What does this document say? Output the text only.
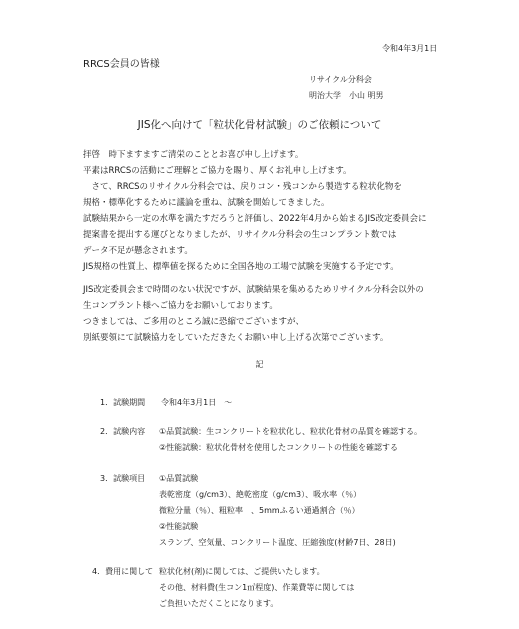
令和4年3月1日
RRCS会員の皆様
リサイクル分科会
明治大学　小山 明男
JIS化へ向けて「粒状化骨材試験」のご依頼について
拝啓　時下ますますご清栄のこととお喜び申し上げます。
平素はRRCSの活動にご理解とご協力を賜り、厚くお礼申し上げます。
　さて、RRCSのリサイクル分科会では、戻りコン・残コンから製造する粒状化物を
規格・標準化するために議論を重ね、試験を開始してきました。
試験結果から一定の水準を満たすだろうと評価し、2022年4月から始まるJIS改定委員会に
提案書を提出する運びとなりましたが、リサイクル分科会の生コンプラント数では
データ不足が懸念されます。
JIS規格の性質上、標準値を探るために全国各地の工場で試験を実施する予定です。
JIS改定委員会まで時間のない状況ですが、試験結果を集めるためリサイクル分科会以外の
生コンプラント様へご協力をお願いしております。
つきましては、ご多用のところ誠に恐縮でございますが、
別紙要領にて試験協力をしていただきたくお願い申し上げる次第でございます。
記
1．試験期間 令和4年3月1日　～
2．試験内容 ①品質試験：生コンクリートを粒状化し、粒状化骨材の品質を確認する。
②性能試験：粒状化骨材を使用したコンクリートの性能を確認する
3．試験項目 ①品質試験
表乾密度（g/cm3）、絶乾密度（g/cm3）、吸水率（％）
微粒分量（％）、粗粒率　、5mmふるい通過割合（％）
②性能試験
スランプ、空気量、コンクリート温度、圧縮強度(材齢7日、28日)
4．費用に関して 粒状化材(剤)に関しては、ご提供いたします。
その他、材料費(生コン1㎥程度)、作業費等に関しては
ご負担いただくことになります。
